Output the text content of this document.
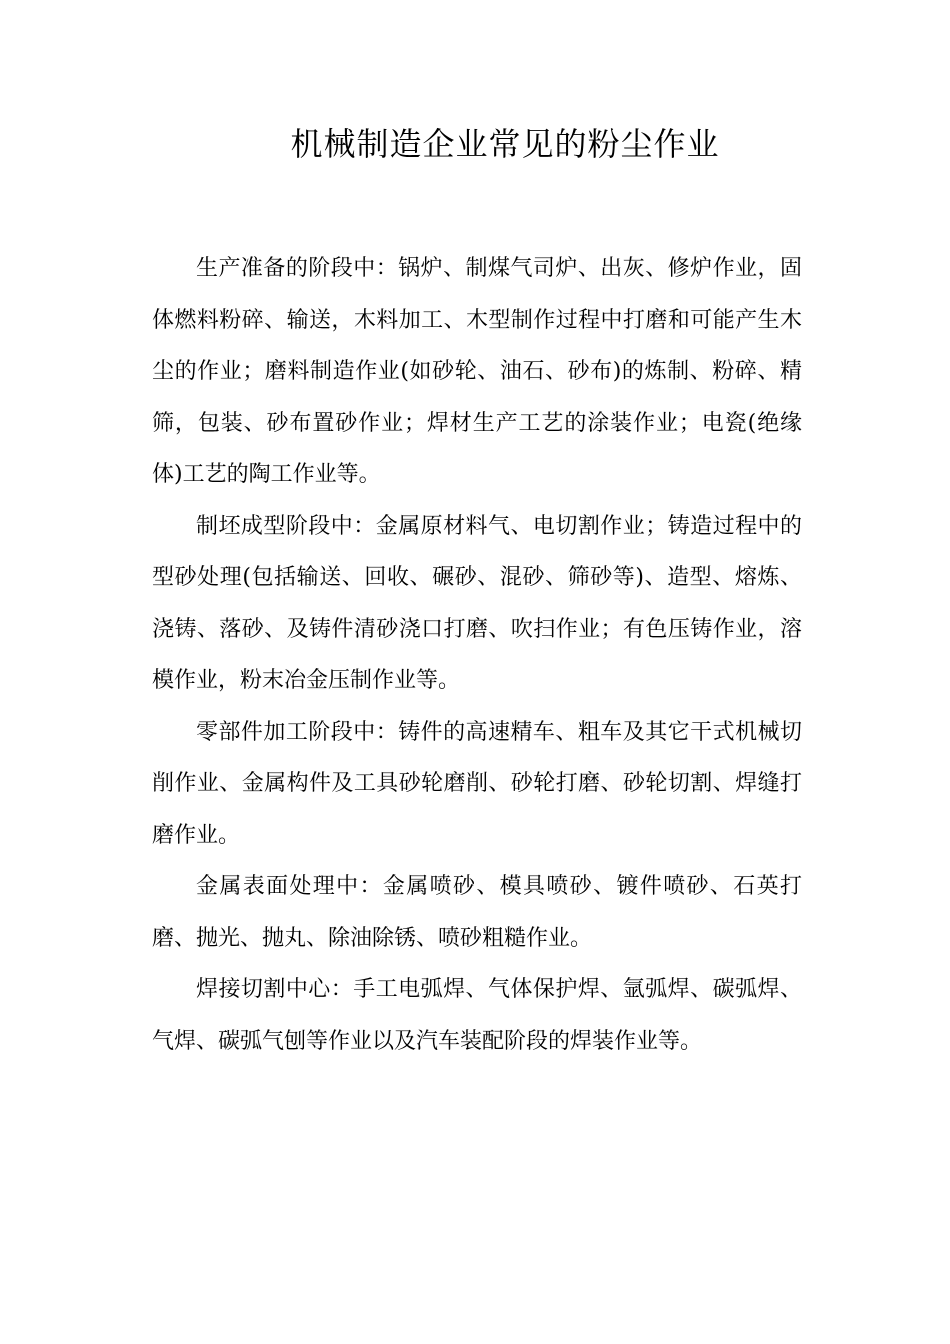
机械制造企业常见的粉尘作业

生产准备的阶段中：锅炉、制煤气司炉、出灰、修炉作业，固体燃料粉碎、输送，木料加工、木型制作过程中打磨和可能产生木尘的作业；磨料制造作业(如砂轮、油石、砂布)的炼制、粉碎、精筛，包装、砂布置砂作业；焊材生产工艺的涂装作业；电瓷(绝缘体)工艺的陶工作业等。

制坯成型阶段中：金属原材料气、电切割作业；铸造过程中的型砂处理(包括输送、回收、碾砂、混砂、筛砂等)、造型、熔炼、浇铸、落砂、及铸件清砂浇口打磨、吹扫作业；有色压铸作业，溶模作业，粉末冶金压制作业等。

零部件加工阶段中：铸件的高速精车、粗车及其它干式机械切削作业、金属构件及工具砂轮磨削、砂轮打磨、砂轮切割、焊缝打磨作业。

金属表面处理中：金属喷砂、模具喷砂、镀件喷砂、石英打磨、抛光、抛丸、除油除锈、喷砂粗糙作业。

焊接切割中心：手工电弧焊、气体保护焊、氩弧焊、碳弧焊、气焊、碳弧气刨等作业以及汽车装配阶段的焊装作业等。
